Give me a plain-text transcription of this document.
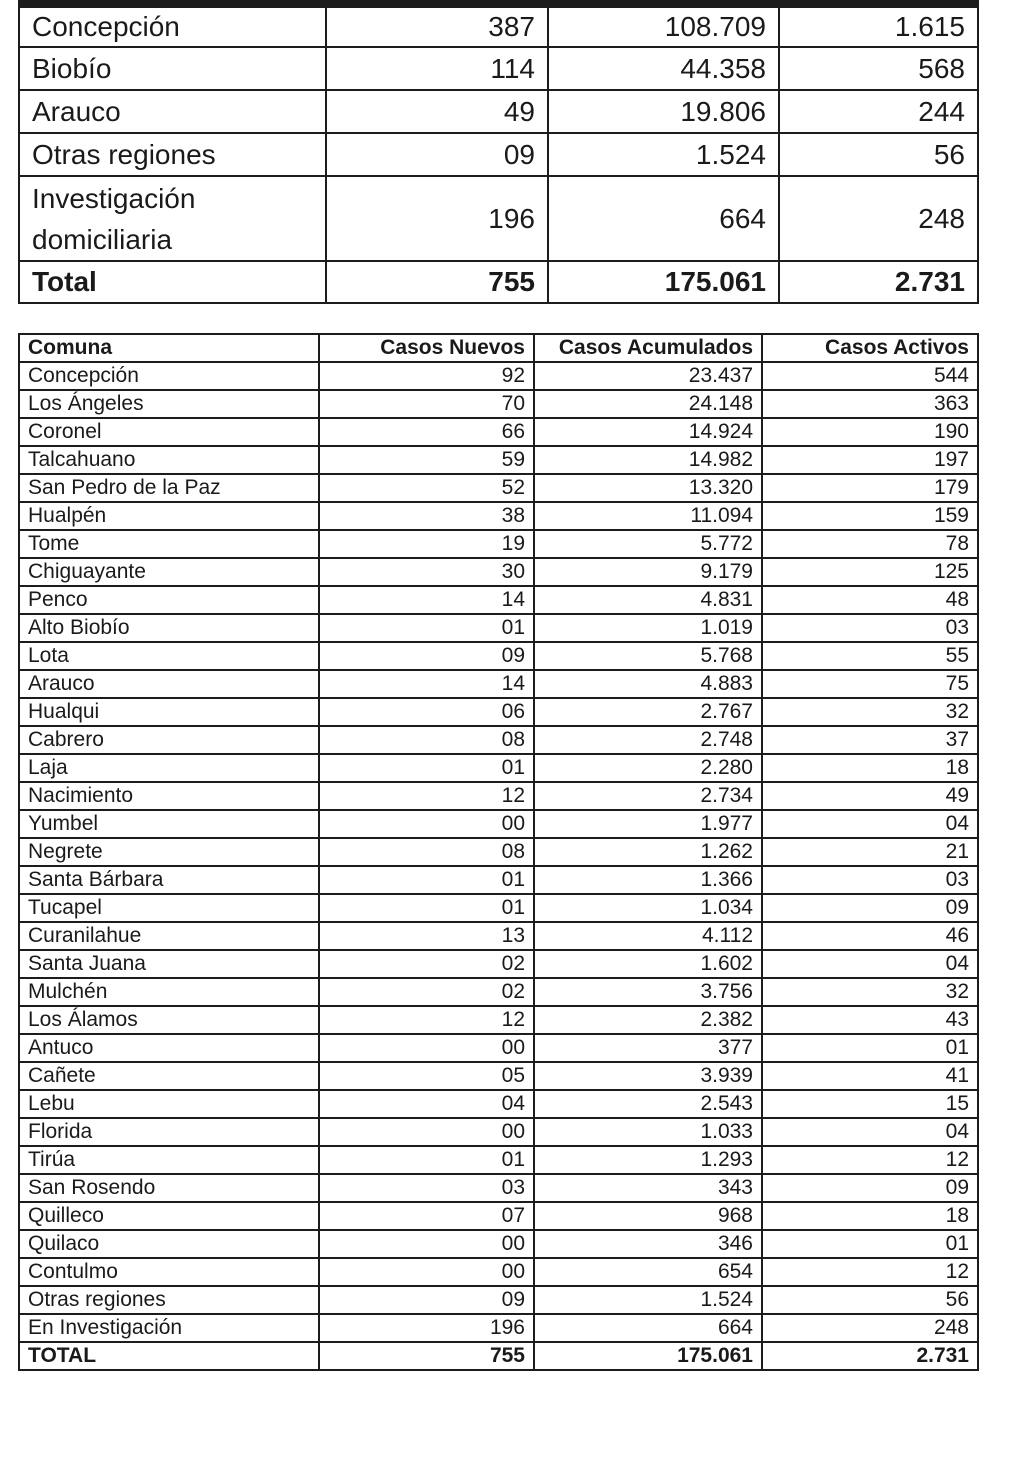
Concepción	387	108.709	1.615
Biobío	114	44.358	568
Arauco	49	19.806	244
Otras regiones	09	1.524	56

Investigación
domiciliaria	196	664	248
Total	755	175.061	2.731
Comuna	Casos Nuevos	Casos Acumulados	Casos Activos
Concepción	92	23.437	544
Los Ángeles	70	24.148	363
Coronel	66	14.924	190
Talcahuano	59	14.982	197
San Pedro de la Paz	52	13.320	179
Hualpén	38	11.094	159
Tome	19	5.772	78
Chiguayante	30	9.179	125
Penco	14	4.831	48
Alto Biobío	01	1.019	03
Lota	09	5.768	55
Arauco	14	4.883	75
Hualqui	06	2.767	32
Cabrero	08	2.748	37
Laja	01	2.280	18
Nacimiento	12	2.734	49
Yumbel	00	1.977	04
Negrete	08	1.262	21
Santa Bárbara	01	1.366	03
Tucapel	01	1.034	09
Curanilahue	13	4.112	46
Santa Juana	02	1.602	04
Mulchén	02	3.756	32
Los Álamos	12	2.382	43
Antuco	00	377	01
Cañete	05	3.939	41
Lebu	04	2.543	15
Florida	00	1.033	04
Tirúa	01	1.293	12
San Rosendo	03	343	09
Quilleco	07	968	18
Quilaco	00	346	01
Contulmo	00	654	12
Otras regiones	09	1.524	56
En Investigación	196	664	248
TOTAL	755	175.061	2.731
